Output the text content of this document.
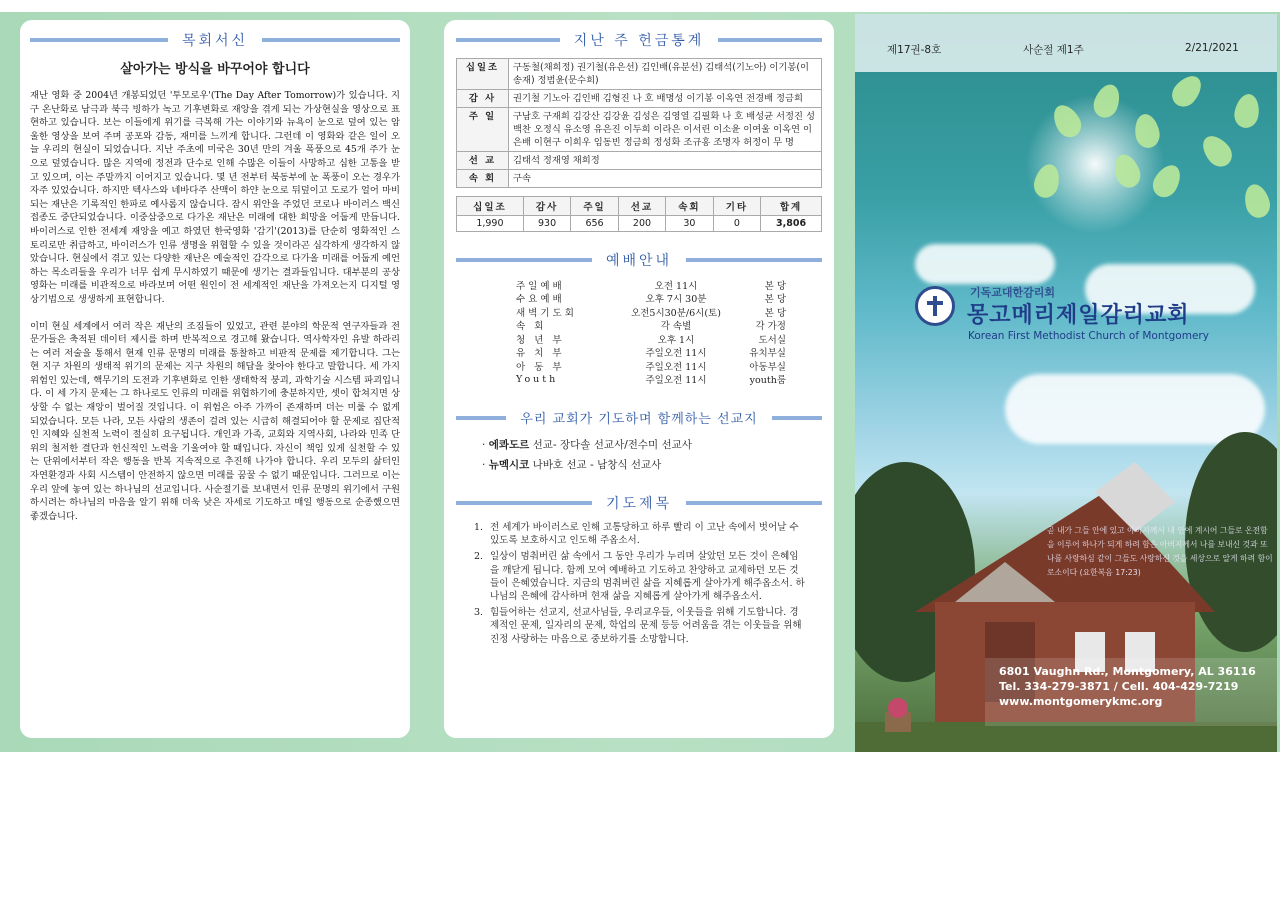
목회서신
살아가는 방식을 바꾸어야 합니다

재난 영화 중 2004년 개봉되었던 '투모로우'(The Day After Tomorrow)가 있습니다. 지구 온난화로 남극과 북극 빙하가 녹고 기후변화로 재앙을 겪게 되는 가상현실을 영상으로 표현하고 있습니다. 보는 이들에게 위기를 극복해 가는 이야기와 뉴욕이 눈으로 덮여 있는 암울한 영상을 보여 주며 공포와 감동, 재미를 느끼게 합니다. 그런데 이 영화와 같은 일이 오늘 우리의 현실이 되었습니다. 지난 주초에 미국은 30년 만의 겨울 폭풍으로 45개 주가 눈으로 덮였습니다. 많은 지역에 정전과 단수로 인해 수많은 이들이 사망하고 심한 고통을 받고 있으며, 이는 주말까지 이어지고 있습니다. 몇 년 전부터 북동부에 눈 폭풍이 오는 경우가 자주 있었습니다. 하지만 텍사스와 네바다주 산맥이 하얀 눈으로 뒤덮이고 도로가 얼어 마비되는 재난은 기록적인 한파로 예사롭지 않습니다. 잠시 위안을 주었던 코로나 바이러스 백신접종도 중단되었습니다. 이중삼중으로 다가온 재난은 미래에 대한 희망을 어둡게 만듭니다. 바이러스로 인한 전세계 재앙을 예고 하였던 한국영화 '감기'(2013)를 단순히 영화적인 스토리로만 취급하고, 바이러스가 인류 생명을 위협할 수 있을 것이라곤 심각하게 생각하지 않았습니다. 현실에서 겪고 있는 다양한 재난은 예술적인 감각으로 다가올 미래를 어둡게 예언하는 목소리들을 우리가 너무 쉽게 무시하였기 때문에 생기는 결과들입니다. 대부분의 공상영화는 미래를 비관적으로 바라보며 어떤 원인이 전 세계적인 재난을 가져오는지 디지털 영상기법으로 생생하게 표현합니다.

이미 현실 세계에서 여러 작은 재난의 조짐들이 있었고, 관련 분야의 학문적 연구자들과 전문가들은 축적된 데이터 제시를 하며 반복적으로 경고해 왔습니다. 역사학자인 유발 하라리는 여러 저술을 통해서 현재 인류 문명의 미래를 통찰하고 비판적 문제를 제기합니다. 그는 현 지구 차원의 생태적 위기의 문제는 지구 차원의 해답을 찾아야 한다고 말합니다. 세 가지 위험인 있는데, 핵무기의 도전과 기후변화로 인한 생태학적 붕괴, 과학기술 시스템 파괴입니다. 이 세 가지 문제는 그 하나로도 인류의 미래를 위협하기에 충분하지만, 셋이 합쳐지면 상상할 수 없는 재앙이 벌어질 것입니다. 이 위험은 아주 가까이 존재하며 더는 미룰 수 없게 되었습니다. 모든 나라, 모든 사람의 생존이 걸려 있는 시급히 해결되어야 할 문제로 집단적인 지혜와 실천적 노력이 절실히 요구됩니다. 개인과 가족, 교회와 지역사회, 나라와 민족 단위의 철저한 결단과 헌신적인 노력을 기울여야 할 때입니다. 자신이 책임 있게 실천할 수 있는 단위에서부터 작은 행동을 반복 지속적으로 추진해 나가야 합니다. 우리 모두의 삶터인 자연환경과 사회 시스템이 안전하지 않으면 미래를 꿈꿀 수 없기 때문입니다. 그러므로 이는 우리 앞에 놓여 있는 하나님의 선교입니다. 사순절기를 보내면서 인류 문명의 위기에서 구원하시려는 하나님의 마음을 알기 위해 더욱 낮은 자세로 기도하고 매일 행동으로 순종했으면 좋겠습니다.

지난 주 헌금통계
십일조	구동철(채희정) 권기철(유은선) 김인배(유분선) 김태석(기노아) 이기봉(이송재) 정범윤(문수희)
감 사	권기철 기노아 김인배 김형진 나 호 배명성 이기봉 이옥연 전경배 정금희
주 일	구남호 구재희 김강산 김강윤 김성은 김영열 김필화 나 호 배성균 서정진 성백찬 오정식 유소영 유은진 이두희 이라은 이서린 이소윤 이여울 이옥연 이은배 이현구 이희우 임동빈 정금희 정성화 조규홍 조명자 허정이 무 명
선 교	김태석 정재영 채희정
속 회	구속
십일조	감사	주일	선교	속회	기타	합계
1,990	930	656	200	30	0	3,806
예배안내
주일예배	오전 11시	본 당
수요예배	오후 7시 30분	본 당
새벽기도회	오전5시30분/6시(토)	본 당
속 회	각 속별	각 가정
청 년 부	오후 1시	도서실
유 치 부	주일오전 11시	유치부실
아 동 부	주일오전 11시	아동부실
Youth	주일오전 11시	youth룸
우리 교회가 기도하며 함께하는 선교지
· 에콰도르 선교- 장다솔 선교사/전수미 선교사
· 뉴멕시코 나바호 선교 - 남창식 선교사
기도제목
1. 전 세계가 바이러스로 인해 고통당하고 하루 빨리 이 고난 속에서 벗어날 수 있도록 보호하시고 인도해 주옵소서.
2. 일상이 멈춰버린 삶 속에서 그 동안 우리가 누리며 살았던 모든 것이 은혜임을 깨닫게 됩니다. 함께 모여 예배하고 기도하고 찬양하고 교제하던 모든 것들이 은혜였습니다. 지금의 멈춰버린 삶을 지혜롭게 살아가게 해주옵소서. 하나님의 은혜에 감사하며 현재 삶을 지혜롭게 살아가게 해주옵소서.
3. 힘들어하는 선교지, 선교사님들, 우리교우들, 이웃들을 위해 기도합니다. 경제적인 문제, 일자리의 문제, 학업의 문제 등등 어려움을 겪는 이웃들을 위해 진정 사랑하는 마음으로 중보하기를 소망합니다.
제17권-8호	사순절 제1주	2/21/2021
기독교대한감리회
몽고메리제일감리교회
Korean First Methodist Church of Montgomery
곧 내가 그들 안에 있고 아버지께서 내 안에 계시어 그들로 온전함을 이루어 하나가 되게 하려 함은 아버지께서 나를 보내신 것과 또 나를 사랑하심 같이 그들도 사랑하신 것을 세상으로 알게 하려 함이로소이다 (요한복음 17:23)
6801 Vaughn Rd., Montgomery, AL 36116
Tel. 334-279-3871 / Cell. 404-429-7219
www.montgomerykmc.org
